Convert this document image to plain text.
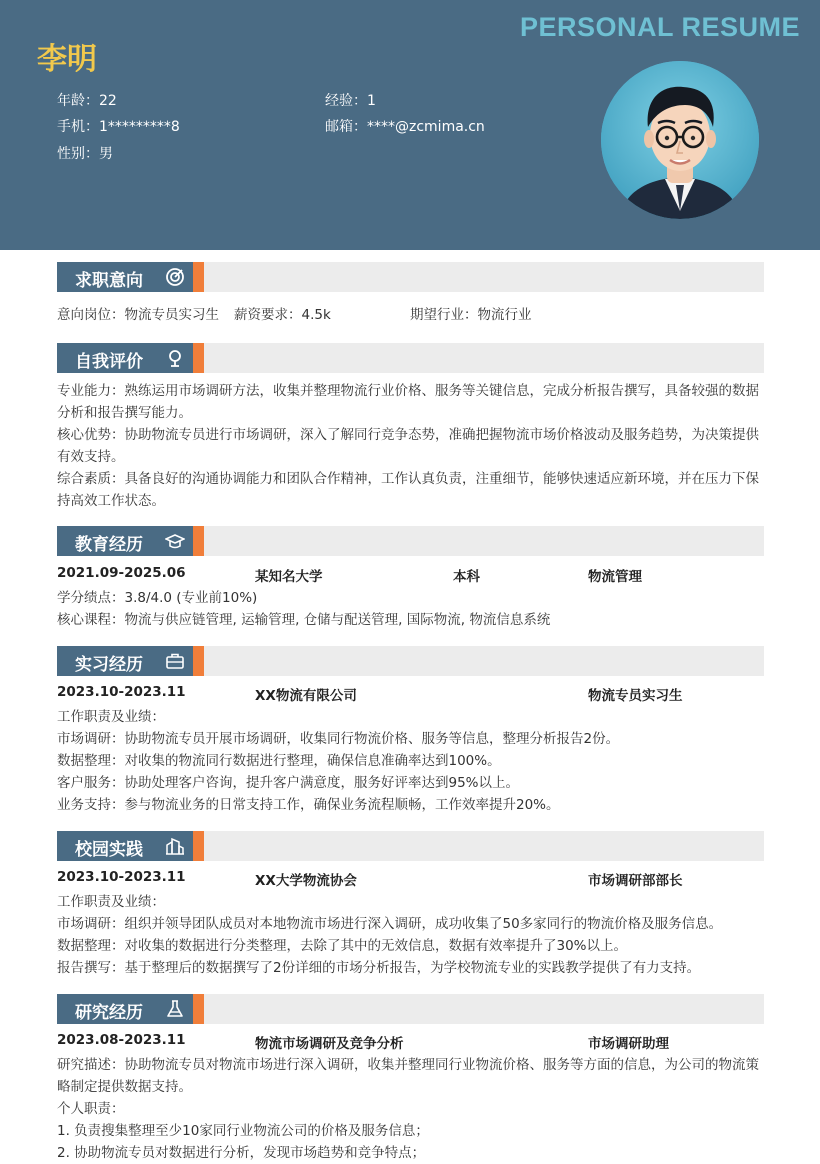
PERSONAL RESUME
李明
年龄：22	经验：1
手机：1*********8	邮箱：****@zcmima.cn
性别：男
求职意向
意向岗位：物流专员实习生 薪资要求：4.5k	期望行业：物流行业
自我评价
专业能力：熟练运用市场调研方法，收集并整理物流行业价格、服务等关键信息，完成分析报告撰写，具备较强的数据分析和报告撰写能力。
核心优势：协助物流专员进行市场调研，深入了解同行竞争态势，准确把握物流市场价格波动及服务趋势，为决策提供有效支持。
综合素质：具备良好的沟通协调能力和团队合作精神，工作认真负责，注重细节，能够快速适应新环境，并在压力下保持高效工作状态。
教育经历
2021.09-2025.06	某知名大学	本科	物流管理
学分绩点：3.8/4.0 (专业前10%)
核心课程：物流与供应链管理, 运输管理, 仓储与配送管理, 国际物流, 物流信息系统
实习经历
2023.10-2023.11	XX物流有限公司	物流专员实习生
工作职责及业绩：
市场调研：协助物流专员开展市场调研，收集同行物流价格、服务等信息，整理分析报告2份。
数据整理：对收集的物流同行数据进行整理，确保信息准确率达到100%。
客户服务：协助处理客户咨询，提升客户满意度，服务好评率达到95%以上。
业务支持：参与物流业务的日常支持工作，确保业务流程顺畅，工作效率提升20%。
校园实践
2023.10-2023.11	XX大学物流协会	市场调研部部长
工作职责及业绩：
市场调研：组织并领导团队成员对本地物流市场进行深入调研，成功收集了50多家同行的物流价格及服务信息。
数据整理：对收集的数据进行分类整理，去除了其中的无效信息，数据有效率提升了30%以上。
报告撰写：基于整理后的数据撰写了2份详细的市场分析报告，为学校物流专业的实践教学提供了有力支持。
研究经历
2023.08-2023.11	物流市场调研及竞争分析	市场调研助理
研究描述：协助物流专员对物流市场进行深入调研，收集并整理同行业物流价格、服务等方面的信息，为公司的物流策略制定提供数据支持。
个人职责：
1. 负责搜集整理至少10家同行业物流公司的价格及服务信息；
2. 协助物流专员对数据进行分析，发现市场趋势和竞争特点；
